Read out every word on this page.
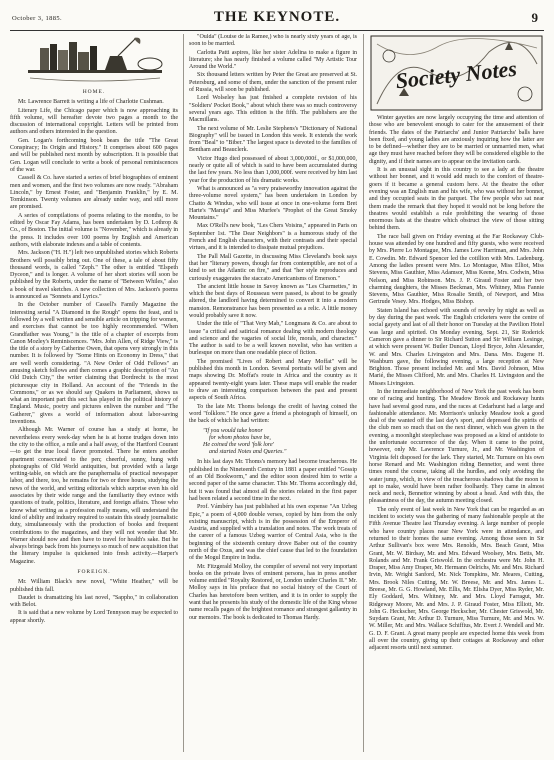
October 3, 1885.	THE KEYNOTE.	9
HOME.

Mr. Lawrence Barrett is writing a life of Charlotte Cushman.

Literary Life, the Chicago paper which is now approaching its fifth volume, will hereafter devote two pages a month to the discussion of international copyright. Letters will be printed from authors and others interested in the question.

Gen. Logan's forthcoming book bears the title "The Great Conspiracy; Its Origin and History." It comprises about 600 pages and will be published next month by subscription. It is possible that Gen. Logan will conclude to write a book of personal reminiscences of the war.

Cassell & Co. have started a series of brief biographies of eminent men and women, and the first two volumes are now ready. "Abraham Lincoln," by Ernest Foster, and "Benjamin Franklin," by E. M. Tomkinson. Twenty volumes are already under way, and still more are promised.

A series of compilations of poems relating to the months, to be edited by Oscar Fay Adams, has been undertaken by D. Lothrop & Co., of Boston. The initial volume is "November," which is already in the press. It includes over 100 poems by English and American authors, with elaborate indexes and a table of contents.

Mrs. Jackson ("H. H.") left two unpublished stories which Roberts Brothers will possibly bring out. One of these, a tale of about fifty thousand words, is called "Zeph." The other is entitled "Elspeth Dyceon," and is longer. A volume of her short stories will soon be published by the Roberts, under the name of "Between Whiles," also a book of travel sketches. A new collection of Mrs. Jackson's poems is announced as "Sonnets and Lyrics."

In the October number of Cassell's Family Magazine the interesting serial "A Diamond in the Rough" opens the feast, and is followed by a well written and sensible article on tripping for women, and exercises that cannot be too highly recommended. "When Grandfather was Young," is the title of a chapter of excerpts from Canon Mozley's Reminiscences. "Mrs. John Allen, of Ridge View," is the title of a story by Catherine Owen, that opens very strongly in this number. It is followed by "Some Hints on Economy in Dress," that are well worth considering. "A New Order of Odd Fellows" an amusing sketch follows and then comes a graphic description of "An Old Dutch City," the writer claiming that Dordrecht is the most picturesque city in Holland. An account of the "Friends in the Commons," or as we should say Quakers in Parliament, shows us what an important part this sect has played in the political history of England. Music, poetry and pictures enliven the number and "The Gatherer," gives a world of information about labor-saving inventions.

Although Mr. Warner of course has a study at home, he nevertheless every week-day when he is at home trudges down into the city to the office, a mile and a half away, of the Hartford Courant—to get the true local flavor promoted. There he enters another apartment consecrated to the pen; cheerful, sunny, hung with photographs of Old World antiquities, but provided with a large writing-table, on which are the paraphernalia of practical newspaper labor, and there, too, he remains for two or three hours, studying the news of the world, and writing editorials which surprise even his old associates by their wide range and the familiarity they evince with questions of trade, politics, literature, and foreign affairs. Those who know what writing as a profession really means, will understand the kind of ability and industry required to sustain this steady journalistic duty, simultaneously with the production of books and frequent contributions to the magazines, and they will not wonder that Mr. Warner should now and then have to travel for health's sake. But he always brings back from his journeys so much of new acquisition that the literary impulse is quickened into fresh activity.—Harper's Magazine.

FOREIGN.

Mr. William Black's new novel, "White Heather," will be published this fall.

Daudet is dramatizing his last novel, "Sappho," in collaboration with Belot.

It is said that a new volume by Lord Tennyson may be expected to appear shortly.

"Oulda" (Louise de la Ramee,) who is nearly sixty years of age, is soon to be married.

Carlotta Patti aspires, like her sister Adelina to make a figure in literature; she has nearly finished a volume called "My Artistic Tour Around the World."

Six thousand letters written by Peter the Great are preserved at St. Petersburg, and some of them, under the sanction of the present ruler of Russia, will soon be published.

Lord Wolseley has just finished a complete revision of his "Soldiers' Pocket Book," about which there was so much controversy several years ago. This edition is the fifth. The publishers are the Macmillans.

The next volume of Mr. Leslie Stephens's "Dictionary of National Biography" will be issued in London this week. It extends the work from "Beal" to "Biber." The largest space is devoted to the families of Bentham and Beauclerk.

Victor Hugo died possessed of about 3,000,000f., or $1,000,000, nearly or quite all of which is said to have been accumulated during the last few years. No less than 1,000,000f. were received by him last year for the production of his dramatic works.

What is announced as "a very praiseworthy innovation against the three-volume novel system," has been undertaken in London by Chatto & Windus, who will issue at once in one-volume form Bret Harte's "Maruja" and Miss Murfee's "Prophet of the Great Smoky Mountains."

Max O'Rell's new book, "Les Chers Voisins," appeared in Paris on September 1st. "The Dear Neighbors" is a humorous study of the French and English characters, with their contrasts and their special virtues, and it is intended to dissipate mutual prejudices.

The Pall Mall Gazette, in discussing Miss Cleveland's book says that her "literary powers, though far from contemptible, are not of a kind to set the Atlantic on fire," and that "her style reproduces and curiously exaggerates the staccato Americanisms of Emerson."

The ancient little house in Savoy known as "Les Charmettes," in which the best days of Rousseau were passed, is about to be greatly altered, the landlord having determined to convert it into a modern mansion. Remonstrance has been presented as a relic. A little money would probably save it now.

Under the title of "That Very Mab," Longmans & Co. are about to issue "a critical and satirical romance dealing with modern theology and science and the vagaries of social life, morals, and character." The author is said to be a well known novelist, who has written a burlesque on more than one readable piece of fiction.

The promised "Lives of Robert and Mary Moffat" will be published this month in London. Several portraits will be given and maps showing Dr. Moffat's route in Africa and the country as it appeared twenty-eight years later. These maps will enable the reader to draw an interesting comparison between the past and present aspects of South Africa.

To the late Mr. Thoms belongs the credit of having coined the word "folklore." He once gave a friend a photograph of himself, on the back of which he had written:

"If you would take honor
for whom photos have be,
He coined the word 'folk lore'
and started Notes and Queries."

In his last days Mr. Thoms's memory had become treacherous. He published in the Nineteenth Century in 1881 a paper entitled "Gossip of an Old Bookworm," and the editor soon desired him to write a second paper of the same character. This Mr. Thoms accordingly did, but it was found that almost all the stories related in the first paper had been related a second time in the next.

Prof. Vámbéry has just published at his own expense "An Uzbeg Epic," a poem of 4,000 double verses, copied by him from the only existing manuscript, which is in the possession of the Emperor of Austria, and supplied with a translation and notes. The work treats of the career of a famous Uzbeg warrior of Central Asia, who is the beginning of the sixteenth century drove Baber out of the country north of the Oxus, and was the chief cause that led to the foundation of the Mogul Empire in India.

Mr. Fitzgerald Molloy, the compiler of several not very important books on the private lives of eminent persons, has in press another volume entitled "Royalty Restored, or, London under Charles II." Mr. Molloy says in his preface that no social history of the Court of Charles has heretofore been written, and it is in order to supply the want that he presents his study of the domestic life of the King whose name recalls pages of the brightest romance and strangest gallantry in our memoirs. The book is dedicated to Thomas Hardy.

Society Notes

Winter gayeties are now largely occupying the time and attention of those who are benevolent enough to cater for the amusement of their friends. The dates of the Patriarchs' and Junior Patriarchs' balls have been fixed, and young ladies are anxiously inquiring how the latter are to be defined—whether they are to be married or unmarried men, what age they must have reached before they will be considered eligible to the dignity, and if their names are to appear on the invitation cards.

It is an unusual sight in this country to see a lady at the theatre without her bonnet, and it would add much to the comfort of theatre-goers if it became a general custom here. At the theatre the other evening was an English man and his wife, who was without her bonnet, and they occupied seats in the parquet. The few people who sat near them made the remark that they hoped it would not be long before the theatres would establish a rule prohibiting the wearing of those enormous hats at the theatre which obstruct the view of those sitting behind them.

The race ball given on Friday evening at the Far Rockaway Club-house was attended by one hundred and fifty guests, who were received by Mrs. Pierre Lo Montague, Mrs. James Low Harriman, and Mrs. John E. Cowdin. Mr. Edward Spencer led the cotillion with Mrs. Ladenburg. Among the ladies present were Mrs. Lo Montague, Miss Elliot, Miss Stevens, Miss Gauthier, Miss Adamsor, Miss Keene, Mrs. Codwin, Miss Nelson, and Miss Robinson. Mrs. J. P. Giraud Foster and her two charming daughters, the Misses Beckman, Mrs. Whitney, Miss Fannie Stevens, Miss Gauthier, Miss Rosalie Smith, of Newport, and Miss Gertrude Vesey. Mrs. Hodges, Miss Bishop.

Staten Island has echoed with sounds of revelry by night as well as by day during the past week. The English cricketers were the centre of social gayety and last of all their honor on Tuesday at the Pavilion Hotel was large and spirited. On Monday evening, Sept. 21, Sir Roderick Cameron gave a dinner to Sir Richard Sutton and Sir William Lesinge, at which were present W. Butler Duncan, Lloyd Bryce, John Alexander, W. and Mrs. Charles Livingston and Mrs. Dana. Mrs. Eugene H. Washburn gave, the following evening, a large reception at New Brighton. Those present included Mr. and Mrs. David Johnson, Miss Marié, the Misses Clifford, Mr. and Mrs. Charles H. Livingston and the Misses Livingston.

In the immediate neighborhood of New York the past week has been one of racing and hunting. The Meadow Brook and Rockaway hunts have had several good runs, and the races at Cedarhurst had a large and fashionable attendance. Mr. Morrison's unlucky Meadow took a good deal of the wanted off the last day's sport, and depressed the spirits of the club men so much that on the next dinner, which was given in the evening, a moonlight steeplechase was proposed as a kind of antidote to the unfortunate occurrence of the day. When it came to the point, however, only Mr. Lawrence Turnure, Jr., and Mr. Washington of Virginia felt disposed for the lark. They started, Mr. Turnure on his own horse Renard and Mr. Washington riding Bennettor, and went three times round the course, taking all the hurdles, and only avoiding the water jump, which, in view of the treacherous shadows that the moon is apt to make, would have been rather foolhardy. They came in almost neck and neck, Bennettor winning by about a head. And with this, the pleasantness of the day, the autumn meeting closed.

The only event of last week in New York that can be regarded as an incident to society was the gathering of many fashionable people at the Fifth Avenue Theatre last Thursday evening. A large number of people who have country places near New York were in attendance, and returned to their homes the same evening. Among those seen in Sir Arthur Sullivan's box were Mrs. Renolds, Mrs. Beach Grant, Miss Grant, Mr. W. Birdsay, Mr. and Mrs. Edward Woolsey, Mrs. Betts, Mr. Rolands and Mr. Frank Griswold. In the orchestra were Mr. John H. Draper, Miss Amy Draper, Mr. Hermann Oelrichs, Mr. and Mrs. Richard Irvin, Mr. Wright Sanford, Mr. Nick Tompkins, Mr. Meares, Cutting, Mrs. Brook Niles Cutting, Mr. W. Breese, Mr. and Mrs. James L. Breese, Mr. G. G. Howland, Mr. Ellis, Mr. Elisha Dyer, Miss Ryder, Mr. Ely Goddard, Mrs. Whitney, Mr. and Mrs. Lloyd Farragut, Mr. Ridgeway Moore, Mr. and Mrs. J. P. Giraud Foster, Miss Elliott, Mr. John G. Heckscher, Mrs. George Heckscher, Mr. Chester Griswold, Mr. Suydam Grant, Mr. Arthur D. Turnure, Miss Turnure, Mr. and Mrs. W. W. Miller, Mr. and Mrs. Wallace Schiffius, Mr. Evert J. Wendell and Mr. G. D. F. Grant. A great many people are expected home this week from all over the country, giving up their cottages at Rockaway and other adjacent resorts until next summer.
